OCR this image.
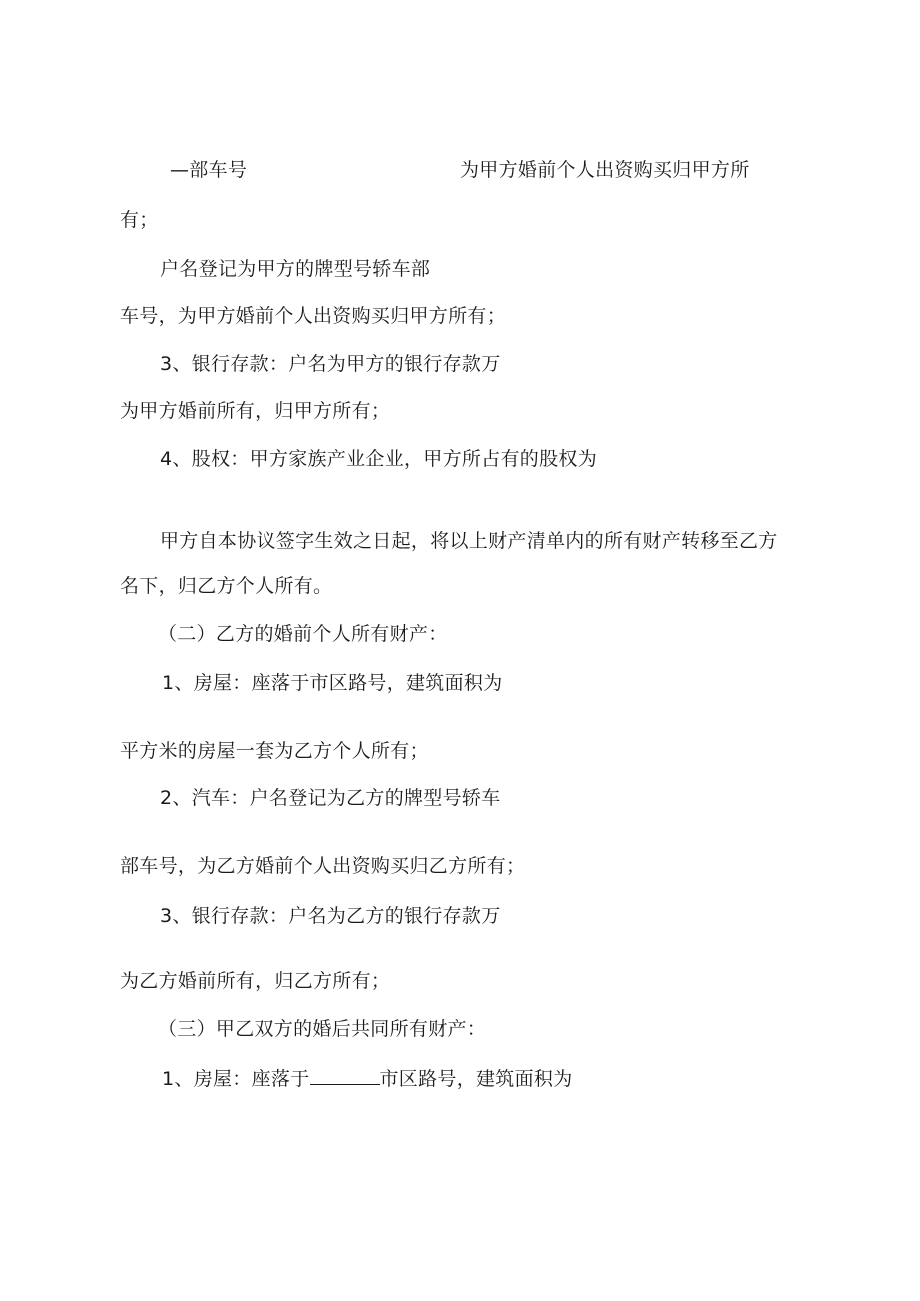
—部车号	为甲方婚前个人出资购买归甲方所
有；
户名登记为甲方的牌型号轿车部
车号，为甲方婚前个人出资购买归甲方所有；
3、银行存款：户名为甲方的银行存款万
为甲方婚前所有，归甲方所有；
4、股权：甲方家族产业企业，甲方所占有的股权为
甲方自本协议签字生效之日起，将以上财产清单内的所有财产转移至乙方
名下，归乙方个人所有。
（二）乙方的婚前个人所有财产：
1、房屋：座落于市区路号，建筑面积为
平方米的房屋一套为乙方个人所有；
2、汽车：户名登记为乙方的牌型号轿车
部车号，为乙方婚前个人出资购买归乙方所有；
3、银行存款：户名为乙方的银行存款万
为乙方婚前所有，归乙方所有；
（三）甲乙双方的婚后共同所有财产：
1、房屋：座落于	市区路号，建筑面积为
